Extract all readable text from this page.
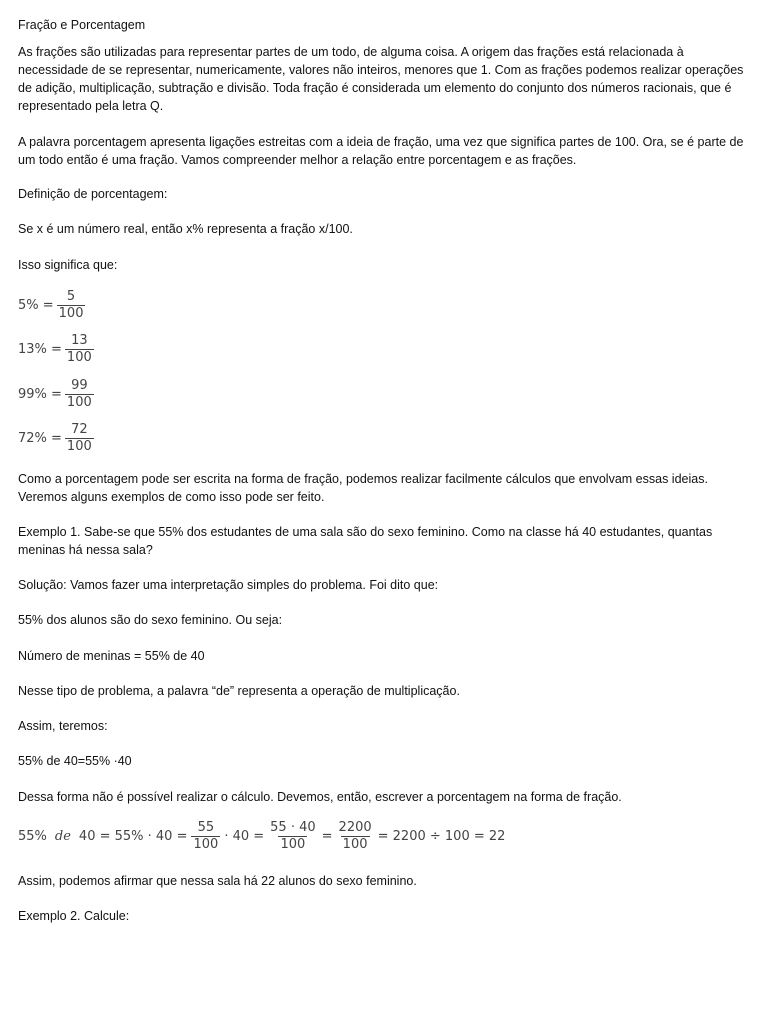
Fração e Porcentagem
As frações são utilizadas para representar partes de um todo, de alguma coisa. A origem das frações está relacionada à necessidade de se representar, numericamente, valores não inteiros, menores que 1. Com as frações podemos realizar operações de adição, multiplicação, subtração e divisão. Toda fração é considerada um elemento do conjunto dos números racionais, que é representado pela letra Q.
A palavra porcentagem apresenta ligações estreitas com a ideia de fração, uma vez que significa partes de 100. Ora, se é parte de um todo então é uma fração. Vamos compreender melhor a relação entre porcentagem e as frações.
Definição de porcentagem:
Se x é um número real, então x% representa a fração x/100.
Isso significa que:
$5\% = \frac{5}{100}$
$13\% = \frac{13}{100}$
$99\% = \frac{99}{100}$
$72\% = \frac{72}{100}$
Como a porcentagem pode ser escrita na forma de fração, podemos realizar facilmente cálculos que envolvam essas ideias. Veremos alguns exemplos de como isso pode ser feito.
Exemplo 1. Sabe-se que 55% dos estudantes de uma sala são do sexo feminino. Como na classe há 40 estudantes, quantas meninas há nessa sala?
Solução: Vamos fazer uma interpretação simples do problema. Foi dito que:
55% dos alunos são do sexo feminino. Ou seja:
Número de meninas = 55% de 40
Nesse tipo de problema, a palavra “de” representa a operação de multiplicação.
Assim, teremos:
55% de 40=55% ·40
Dessa forma não é possível realizar o cálculo. Devemos, então, escrever a porcentagem na forma de fração.
55% de $40 = 55\% \cdot 40 = \frac{55}{100} \cdot 40 = \frac{55 \cdot 40}{100} = \frac{2200}{100} = 2200 \div 100 = 22$
Assim, podemos afirmar que nessa sala há 22 alunos do sexo feminino.
Exemplo 2. Calcule:
